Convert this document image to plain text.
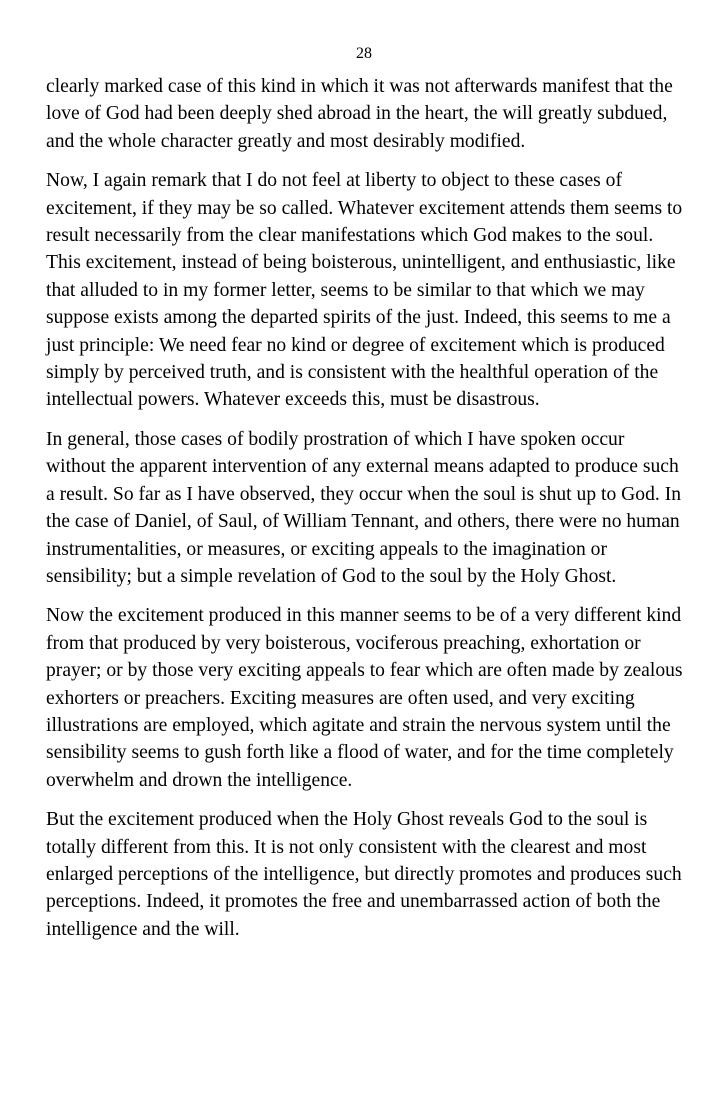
28

clearly marked case of this kind in which it was not afterwards manifest that the love of God had been deeply shed abroad in the heart, the will greatly subdued, and the whole character greatly and most desirably modified.

Now, I again remark that I do not feel at liberty to object to these cases of excitement, if they may be so called. Whatever excitement attends them seems to result necessarily from the clear manifestations which God makes to the soul. This excitement, instead of being boisterous, unintelligent, and enthusiastic, like that alluded to in my former letter, seems to be similar to that which we may suppose exists among the departed spirits of the just. Indeed, this seems to me a just principle: We need fear no kind or degree of excitement which is produced simply by perceived truth, and is consistent with the healthful operation of the intellectual powers. Whatever exceeds this, must be disastrous.

In general, those cases of bodily prostration of which I have spoken occur without the apparent intervention of any external means adapted to produce such a result. So far as I have observed, they occur when the soul is shut up to God. In the case of Daniel, of Saul, of William Tennant, and others, there were no human instrumentalities, or measures, or exciting appeals to the imagination or sensibility; but a simple revelation of God to the soul by the Holy Ghost.

Now the excitement produced in this manner seems to be of a very different kind from that produced by very boisterous, vociferous preaching, exhortation or prayer; or by those very exciting appeals to fear which are often made by zealous exhorters or preachers. Exciting measures are often used, and very exciting illustrations are employed, which agitate and strain the nervous system until the sensibility seems to gush forth like a flood of water, and for the time completely overwhelm and drown the intelligence.

But the excitement produced when the Holy Ghost reveals God to the soul is totally different from this. It is not only consistent with the clearest and most enlarged perceptions of the intelligence, but directly promotes and produces such perceptions. Indeed, it promotes the free and unembarrassed action of both the intelligence and the will.
